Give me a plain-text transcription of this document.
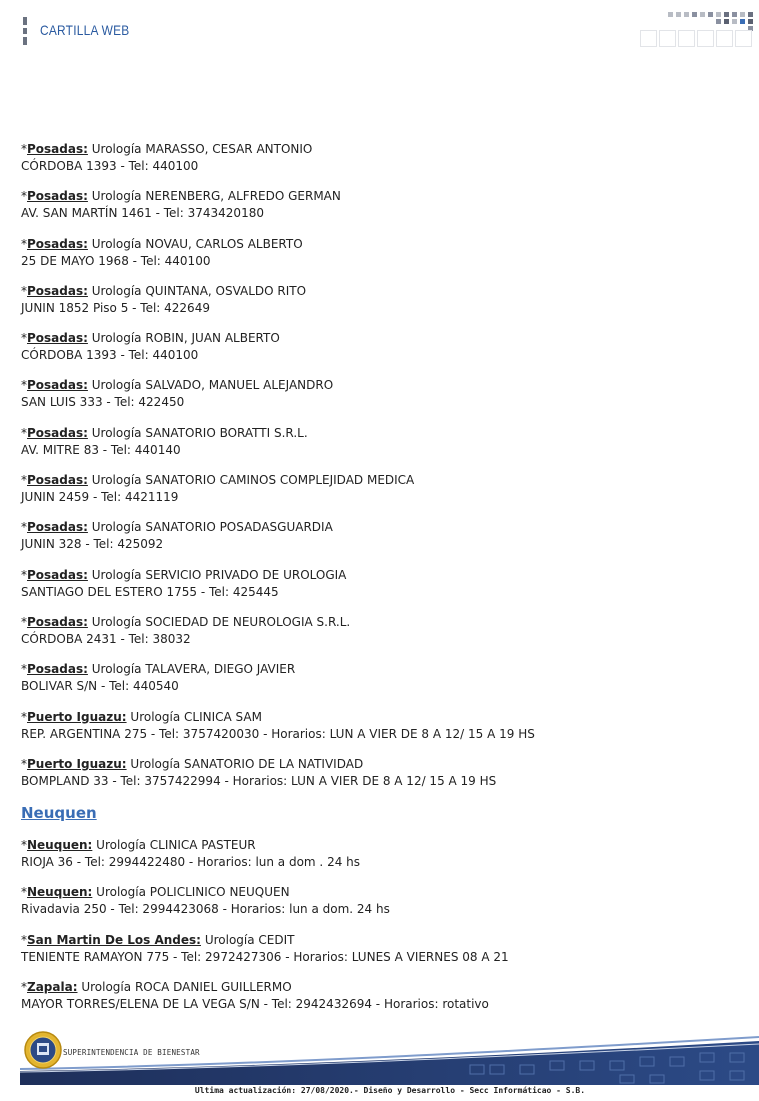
CARTILLA WEB
*Posadas: Urología MARASSO, CESAR ANTONIO
CÓRDOBA 1393 - Tel: 440100
*Posadas: Urología NERENBERG, ALFREDO GERMAN
AV. SAN MARTÍN 1461 - Tel: 3743420180
*Posadas: Urología NOVAU, CARLOS ALBERTO
25 DE MAYO 1968 - Tel: 440100
*Posadas: Urología QUINTANA, OSVALDO RITO
JUNIN 1852 Piso 5 - Tel: 422649
*Posadas: Urología ROBIN, JUAN ALBERTO
CÓRDOBA 1393 - Tel: 440100
*Posadas: Urología SALVADO, MANUEL ALEJANDRO
SAN LUIS 333 - Tel: 422450
*Posadas: Urología SANATORIO BORATTI S.R.L.
AV. MITRE 83 - Tel: 440140
*Posadas: Urología SANATORIO CAMINOS COMPLEJIDAD MEDICA
JUNIN 2459 - Tel: 4421119
*Posadas: Urología SANATORIO POSADASGUARDIA
JUNIN 328 - Tel: 425092
*Posadas: Urología SERVICIO PRIVADO DE UROLOGIA
SANTIAGO DEL ESTERO 1755 - Tel: 425445
*Posadas: Urología SOCIEDAD DE NEUROLOGIA S.R.L.
CÓRDOBA 2431 - Tel: 38032
*Posadas: Urología TALAVERA, DIEGO JAVIER
BOLIVAR S/N - Tel: 440540
*Puerto Iguazu: Urología CLINICA SAM
REP. ARGENTINA 275 - Tel: 3757420030 - Horarios: LUN A VIER DE 8 A 12/ 15 A 19 HS
*Puerto Iguazu: Urología SANATORIO DE LA NATIVIDAD
BOMPLAND 33 - Tel: 3757422994 - Horarios: LUN A VIER DE 8 A 12/ 15 A 19 HS
Neuquen
*Neuquen: Urología CLINICA PASTEUR
RIOJA 36 - Tel: 2994422480 - Horarios: lun a dom . 24 hs
*Neuquen: Urología POLICLINICO NEUQUEN
Rivadavia 250 - Tel: 2994423068 - Horarios: lun a dom. 24 hs
*San Martin De Los Andes: Urología CEDIT
TENIENTE RAMAYON 775 - Tel: 2972427306 - Horarios: LUNES A VIERNES 08 A 21
*Zapala: Urología ROCA DANIEL GUILLERMO
MAYOR TORRES/ELENA DE LA VEGA S/N - Tel: 2942432694 - Horarios: rotativo
SUPERINTENDENCIA DE BIENESTAR
Ultima actualización: 27/08/2020.- Diseño y Desarrollo - Secc Informáticao - S.B.
